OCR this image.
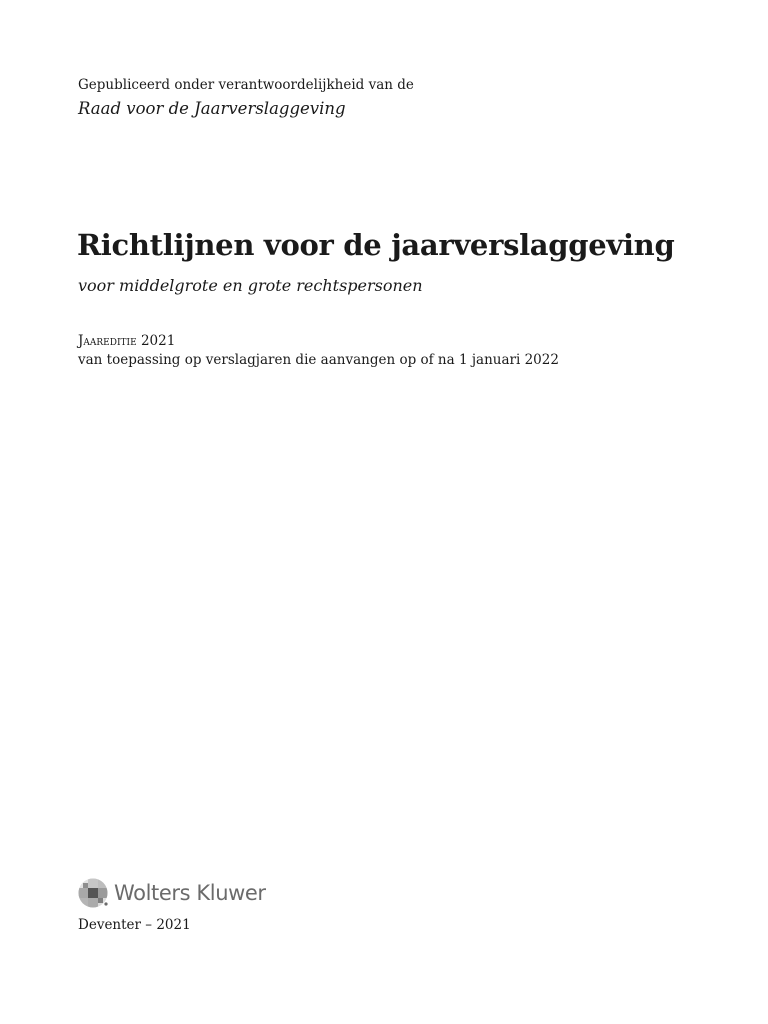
Gepubliceerd onder verantwoordelijkheid van de
Raad voor de Jaarverslaggeving
Richtlijnen voor de jaarverslaggeving
voor middelgrote en grote rechtspersonen
Jaareditie 2021
van toepassing op verslagjaren die aanvangen op of na 1 januari 2022
Wolters Kluwer
Deventer – 2021
